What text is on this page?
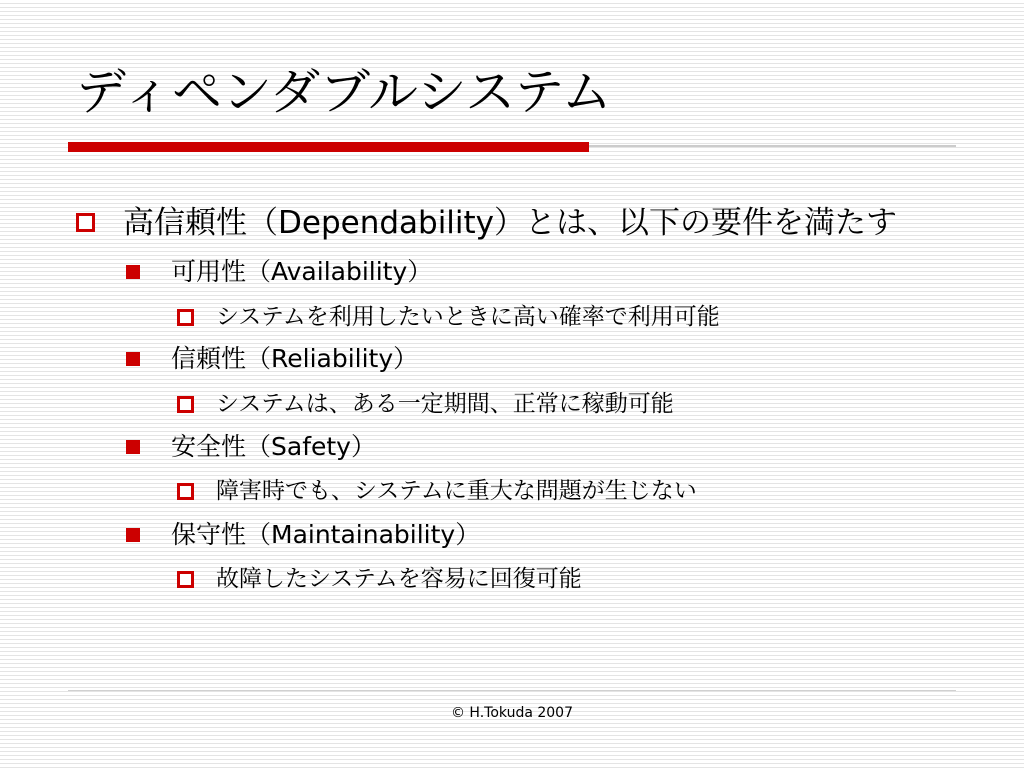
ディペンダブルシステム
高信頼性（Dependability）とは、以下の要件を満たす
可用性（Availability）
システムを利用したいときに高い確率で利用可能
信頼性（Reliability）
システムは、ある一定期間、正常に稼動可能
安全性（Safety）
障害時でも、システムに重大な問題が生じない
保守性（Maintainability）
故障したシステムを容易に回復可能
© H.Tokuda 2007
